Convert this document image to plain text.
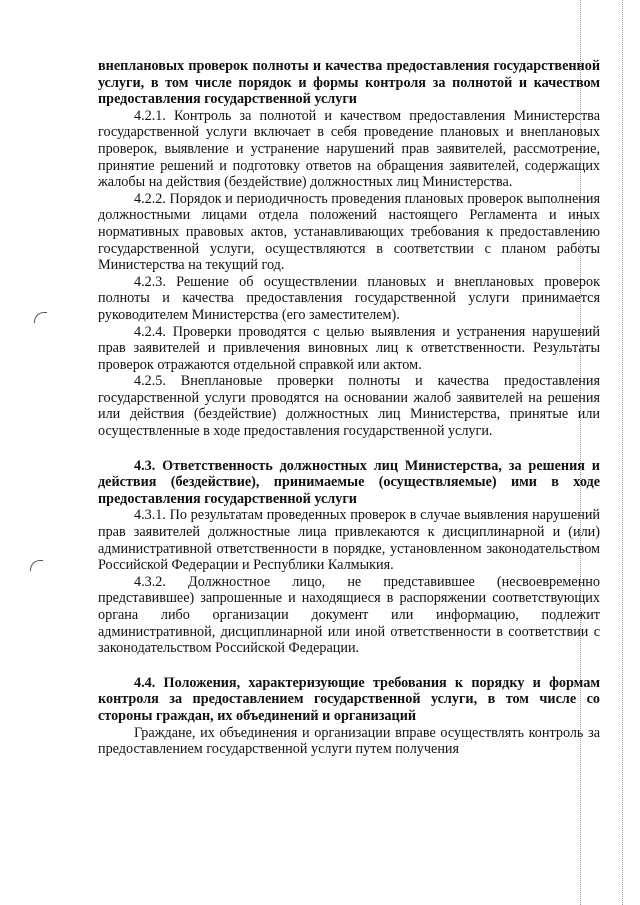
внеплановых проверок полноты и качества предоставления государственной услуги, в том числе порядок и формы контроля за полнотой и качеством предоставления государственной услуги

4.2.1. Контроль за полнотой и качеством предоставления Министерства государственной услуги включает в себя проведение плановых и внеплановых проверок, выявление и устранение нарушений прав заявителей, рассмотрение, принятие решений и подготовку ответов на обращения заявителей, содержащих жалобы на действия (бездействие) должностных лиц Министерства.

4.2.2. Порядок и периодичность проведения плановых проверок выполнения должностными лицами отдела положений настоящего Регламента и иных нормативных правовых актов, устанавливающих требования к предоставлению государственной услуги, осуществляются в соответствии с планом работы Министерства на текущий год.

4.2.3. Решение об осуществлении плановых и внеплановых проверок полноты и качества предоставления государственной услуги принимается руководителем Министерства (его заместителем).

4.2.4. Проверки проводятся с целью выявления и устранения нарушений прав заявителей и привлечения виновных лиц к ответственности. Результаты проверок отражаются отдельной справкой или актом.

4.2.5. Внеплановые проверки полноты и качества предоставления государственной услуги проводятся на основании жалоб заявителей на решения или действия (бездействие) должностных лиц Министерства, принятые или осуществленные в ходе предоставления государственной услуги.

4.3. Ответственность должностных лиц Министерства, за решения и действия (бездействие), принимаемые (осуществляемые) ими в ходе предоставления государственной услуги

4.3.1. По результатам проведенных проверок в случае выявления нарушений прав заявителей должностные лица привлекаются к дисциплинарной и (или) административной ответственности в порядке, установленном законодательством Российской Федерации и Республики Калмыкия.

4.3.2. Должностное лицо, не представившее (несвоевременно представившее) запрошенные и находящиеся в распоряжении соответствующих органа либо организации документ или информацию, подлежит административной, дисциплинарной или иной ответственности в соответствии с законодательством Российской Федерации.

4.4. Положения, характеризующие требования к порядку и формам контроля за предоставлением государственной услуги, в том числе со стороны граждан, их объединений и организаций

Граждане, их объединения и организации вправе осуществлять контроль за предоставлением государственной услуги путем получения
